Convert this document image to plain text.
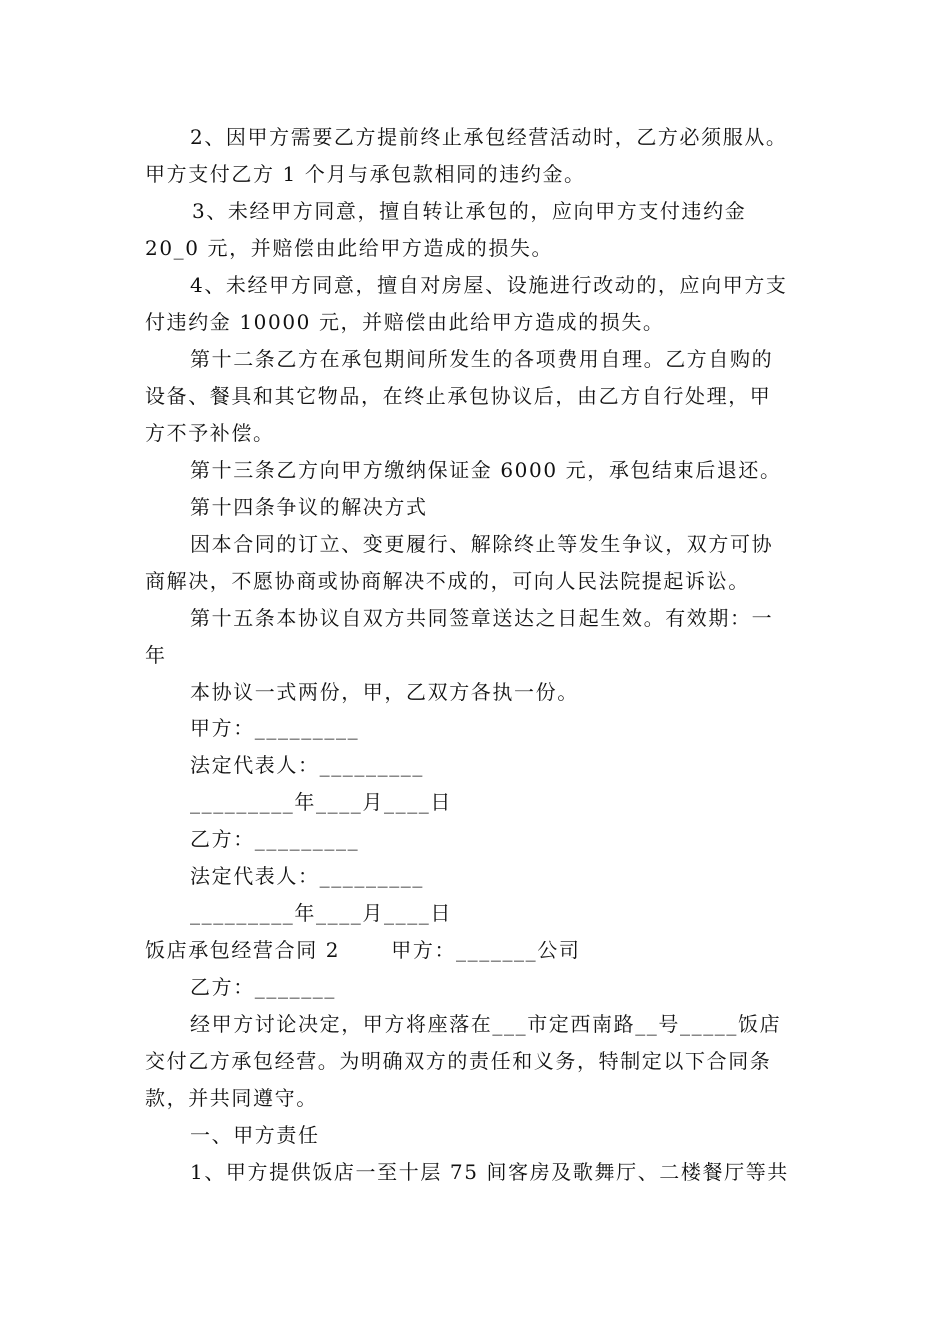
2、因甲方需要乙方提前终止承包经营活动时，乙方必须服从。
甲方支付乙方 1 个月与承包款相同的违约金。
3、未经甲方同意，擅自转让承包的，应向甲方支付违约金
20_0 元，并赔偿由此给甲方造成的损失。
4、未经甲方同意，擅自对房屋、设施进行改动的，应向甲方支
付违约金 10000 元，并赔偿由此给甲方造成的损失。
第十二条乙方在承包期间所发生的各项费用自理。乙方自购的
设备、餐具和其它物品，在终止承包协议后，由乙方自行处理，甲
方不予补偿。
第十三条乙方向甲方缴纳保证金 6000 元，承包结束后退还。
第十四条争议的解决方式
因本合同的订立、变更履行、解除终止等发生争议，双方可协
商解决，不愿协商或协商解决不成的，可向人民法院提起诉讼。
第十五条本协议自双方共同签章送达之日起生效。有效期：一
年
本协议一式两份，甲，乙双方各执一份。
甲方：_________
法定代表人：_________
_________年____月____日
乙方：_________
法定代表人：_________
_________年____月____日
饭店承包经营合同 2　　 甲方：_______公司
乙方：_______
经甲方讨论决定，甲方将座落在___市定西南路__号_____饭店
交付乙方承包经营。为明确双方的责任和义务，特制定以下合同条
款，并共同遵守。
一、甲方责任
1、甲方提供饭店一至十层 75 间客房及歌舞厅、二楼餐厅等共
